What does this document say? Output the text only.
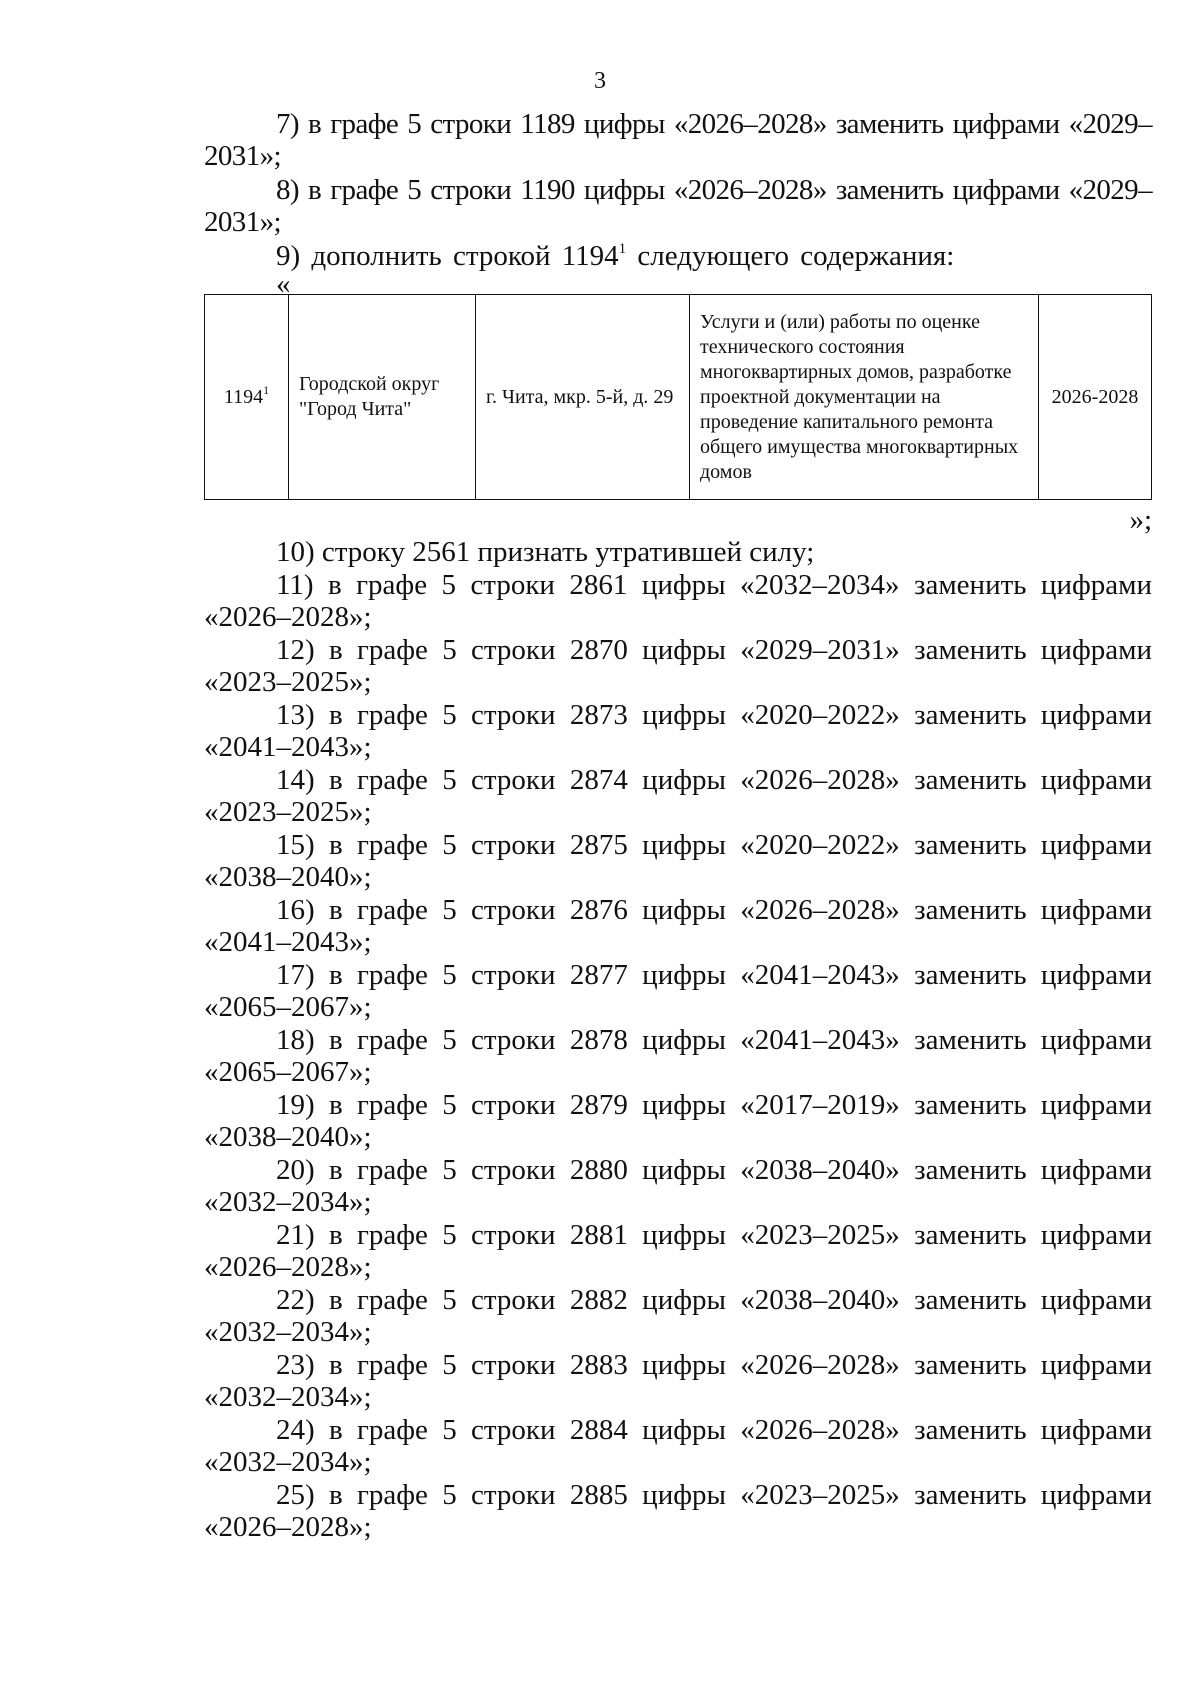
3

7) в графе 5 строки 1189 цифры «2026–2028» заменить цифрами «2029–2031»;

8) в графе 5 строки 1190 цифры «2026–2028» заменить цифрами «2029–2031»;

9) дополнить строкой 1194$^1$ следующего содержания:

«

1194$^1$	Городской округ "Город Чита"	г. Чита, мкр. 5-й, д. 29	Услуги и (или) работы по оценке технического состояния многоквартирных домов, разработке проектной документации на проведение капитального ремонта общего имущества многоквартирных домов	2026-2028

»;

10) строку 2561 признать утратившей силу;

11) в графе 5 строки 2861 цифры «2032–2034» заменить цифрами «2026–2028»;

12) в графе 5 строки 2870 цифры «2029–2031» заменить цифрами «2023–2025»;

13) в графе 5 строки 2873 цифры «2020–2022» заменить цифрами «2041–2043»;

14) в графе 5 строки 2874 цифры «2026–2028» заменить цифрами «2023–2025»;

15) в графе 5 строки 2875 цифры «2020–2022» заменить цифрами «2038–2040»;

16) в графе 5 строки 2876 цифры «2026–2028» заменить цифрами «2041–2043»;

17) в графе 5 строки 2877 цифры «2041–2043» заменить цифрами «2065–2067»;

18) в графе 5 строки 2878 цифры «2041–2043» заменить цифрами «2065–2067»;

19) в графе 5 строки 2879 цифры «2017–2019» заменить цифрами «2038–2040»;

20) в графе 5 строки 2880 цифры «2038–2040» заменить цифрами «2032–2034»;

21) в графе 5 строки 2881 цифры «2023–2025» заменить цифрами «2026–2028»;

22) в графе 5 строки 2882 цифры «2038–2040» заменить цифрами «2032–2034»;

23) в графе 5 строки 2883 цифры «2026–2028» заменить цифрами «2032–2034»;

24) в графе 5 строки 2884 цифры «2026–2028» заменить цифрами «2032–2034»;

25) в графе 5 строки 2885 цифры «2023–2025» заменить цифрами «2026–2028»;
